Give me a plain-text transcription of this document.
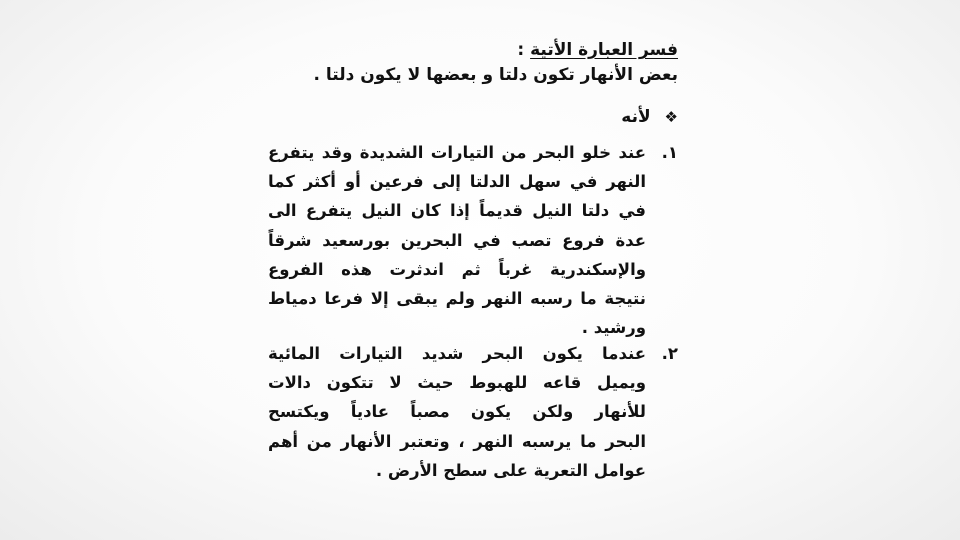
فسر العبارة الأتية :
بعض الأنهار تكون دلتا و بعضها لا يكون دلتا .
❖ لأنه
١.
عند خلو البحر من التيارات الشديدة وقد يتفرع
النهر في سهل الدلتا إلى فرعين أو أكثر كما
في دلتا النيل قديماً إذا كان النيل يتفرع الى
عدة فروع تصب في البحرين بورسعيد شرقاً
والإسكندرية غرباً ثم اندثرت هذه الفروع
نتيجة ما رسبه النهر ولم يبقى إلا فرعا دمياط
ورشيد .
٢.
عندما يكون البحر شديد التيارات المائية
ويميل قاعه للهبوط حيث لا تتكون دالات
للأنهار ولكن يكون مصباً عادياً ويكتسح
البحر ما يرسبه النهر ، وتعتبر الأنهار من أهم
عوامل التعرية على سطح الأرض .
